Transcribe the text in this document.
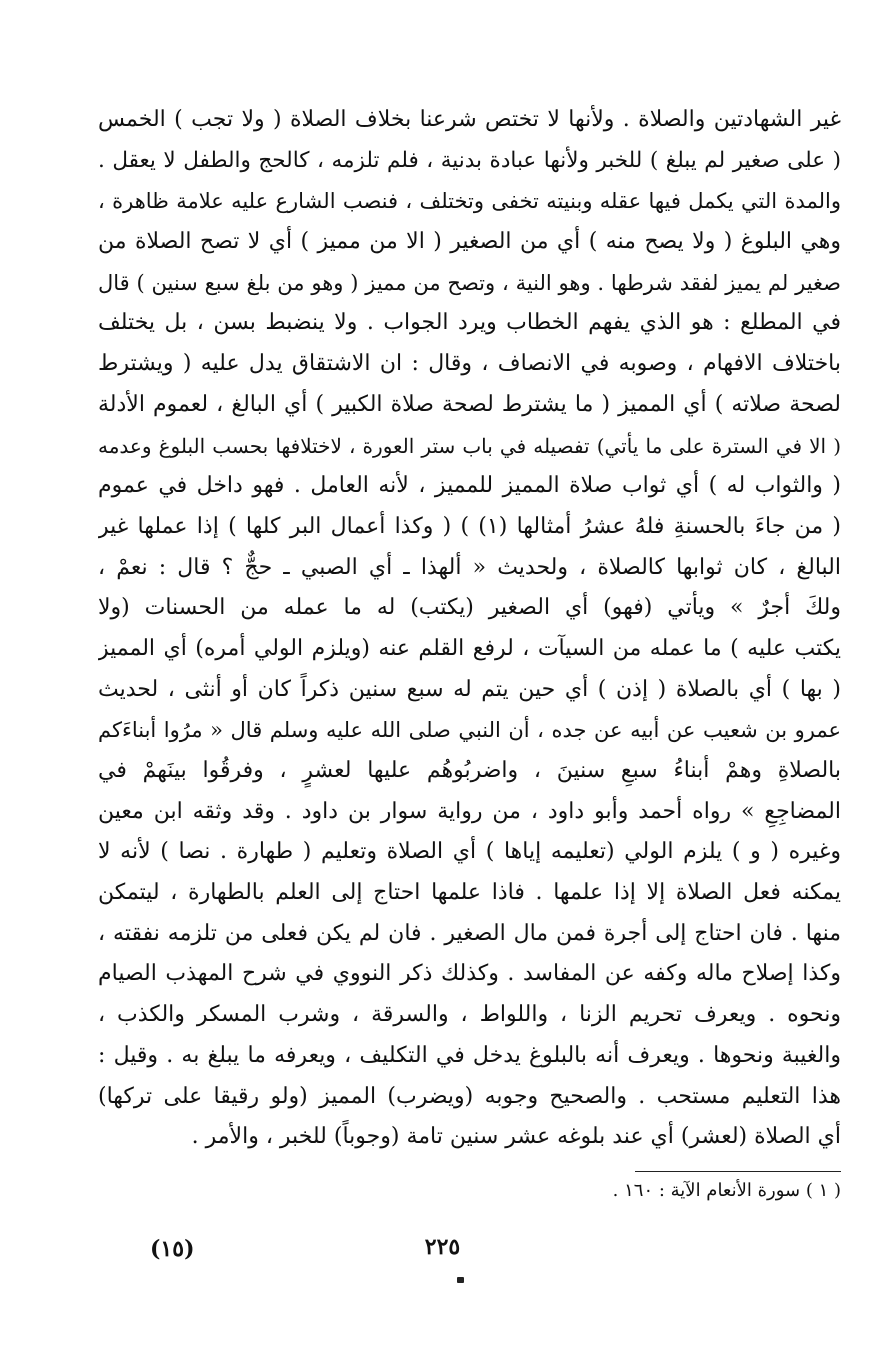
غير الشهادتين والصلاة . ولأنها لا تختص شرعنا بخلاف الصلاة ( ولا تجب ) الخمس
( على صغير لم يبلغ ) للخبر ولأنها عبادة بدنية ، فلم تلزمه ، كالحج والطفل لا يعقل .
والمدة التي يكمل فيها عقله وبنيته تخفى وتختلف ، فنصب الشارع عليه علامة ظاهرة ،
وهي البلوغ ( ولا يصح منه ) أي من الصغير ( الا من مميز ) أي لا تصح الصلاة من
صغير لم يميز لفقد شرطها . وهو النية ، وتصح من مميز ( وهو من بلغ سبع سنين ) قال
في المطلع : هو الذي يفهم الخطاب ويرد الجواب . ولا ينضبط بسن ، بل يختلف
باختلاف الافهام ، وصوبه في الانصاف ، وقال : ان الاشتقاق يدل عليه ( ويشترط
لصحة صلاته ) أي المميز ( ما يشترط لصحة صلاة الكبير ) أي البالغ ، لعموم الأدلة
( الا في السترة على ما يأتي) تفصيله في باب ستر العورة ، لاختلافها بحسب البلوغ وعدمه
( والثواب له ) أي ثواب صلاة المميز للمميز ، لأنه العامل . فهو داخل في عموم
( من جاءَ بالحسنةِ فلهُ عشرُ أمثالها (١) ) ( وكذا أعمال البر كلها ) إذا عملها غير
البالغ ، كان ثوابها كالصلاة ، ولحديث « ألهذا ـ أي الصبي ـ حجٌّ ؟ قال : نعمْ ،
ولكَ أجرٌ » ويأتي (فهو) أي الصغير (يكتب) له ما عمله من الحسنات (ولا
يكتب عليه ) ما عمله من السيآت ، لرفع القلم عنه (ويلزم الولي أمره) أي المميز
( بها ) أي بالصلاة ( إذن ) أي حين يتم له سبع سنين ذكراً كان أو أنثى ، لحديث
عمرو بن شعيب عن أبيه عن جده ، أن النبي صلى الله عليه وسلم قال « مرُوا أبناءَكم
بالصلاةِ وهمْ أبناءُ سبعِ سنينَ ، واضربُوهُم عليها لعشرٍ ، وفرقُوا بينَهمْ في
المضاجِعِ » رواه أحمد وأبو داود ، من رواية سوار بن داود . وقد وثقه ابن معين
وغيره ( و ) يلزم الولي (تعليمه إياها ) أي الصلاة وتعليم ( طهارة . نصا ) لأنه لا
يمكنه فعل الصلاة إلا إذا علمها . فاذا علمها احتاج إلى العلم بالطهارة ، ليتمكن
منها . فان احتاج إلى أجرة فمن مال الصغير . فان لم يكن فعلى من تلزمه نفقته ،
وكذا إصلاح ماله وكفه عن المفاسد . وكذلك ذكر النووي في شرح المهذب الصيام
ونحوه . ويعرف تحريم الزنا ، واللواط ، والسرقة ، وشرب المسكر والكذب ،
والغيبة ونحوها . ويعرف أنه بالبلوغ يدخل في التكليف ، ويعرفه ما يبلغ به . وقيل :
هذا التعليم مستحب . والصحيح وجوبه (ويضرب) المميز (ولو رقيقا على تركها)
أي الصلاة (لعشر) أي عند بلوغه عشر سنين تامة (وجوباً) للخبر ، والأمر .
( ١ ) سورة الأنعام الآية : ١٦٠ .
٢٢٥
(١٥)
